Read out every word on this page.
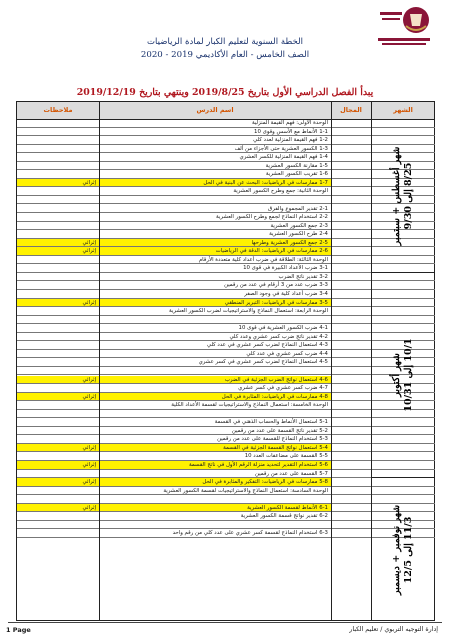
الخطة السنوية لتعليم الكبار لمادة الرياضيات
الصف الخامس - العام الأكاديمي 2019 - 2020
يبدأ الفصل الدراسي الأول بتاريخ 2019/8/25 وينتهي بتاريخ 2019/12/19
الشهر
المجال
اسم الدرس
ملاحظات
الوحدة الأولى: فهم القيمة المنزلية
1-1 الأنماط مع الأسس وقوى 10
1-2 فهم القيمة المنزلية لعدد كلي
1-3 الكسور العشرية حتى الأجزاء من ألف
1-4 فهم القيمة المنزلية للكسر العشري
1-5 مقارنة الكسور العشرية
1-6 تقريب الكسور العشرية
1-7 ممارسات في الرياضيات: البحث عن البنية في الحل
إثرائي
الوحدة الثانية: جمع وطرح الكسور العشرية
2-1 تقدير المجموع والفرق
2-2 استخدام النماذج لجمع وطرح الكسور العشرية
2-3 جمع الكسور العشرية
2-4 طرح الكسور العشرية
2-5 جمع الكسور العشرية وطرحها
إثرائي
2-6 ممارسات في الرياضيات: الدقة في الرياضيات
إثرائي
الوحدة الثالثة: الطلاقة في ضرب أعداد كلية متعددة الأرقام
3-1 ضرب الأعداد الكبيرة في قوى 10
3-2 تقدير ناتج الضرب
3-3 ضرب عدد من 3 أرقام في عدد من رقمين
3-4 ضرب أعداد كلية في وجود الصفر
3-5 ممارسات في الرياضيات: التبرير المنطقي
إثرائي
الوحدة الرابعة: استعمال النماذج والاستراتيجيات لضرب الكسور العشرية
4-1 ضرب الكسور العشرية في قوى 10
4-2 تقدير ناتج ضرب كسر عشري وعدد كلي
4-3 استعمال النماذج لضرب كسر عشري في عدد كلي
4-4 ضرب كسر عشري في عدد كلي
4-5 استعمال النماذج لضرب كسر عشري في كسر عشري
4-6 استعمال نواتج الضرب الجزئية في الضرب
إثرائي
4-7 ضرب كسر عشري في كسر عشري
4-8 ممارسات في الرياضيات: المثابرة في الحل
إثرائي
الوحدة الخامسة: استعمال النماذج والاستراتيجيات لقسمة الأعداد الكلية
5-1 استعمال الأنماط والحساب الذهني في القسمة
5-2 تقدير ناتج القسمة على عدد من رقمين
5-3 استخدام النماذج للقسمة على عدد من رقمين
5-4 استعمال نواتج القسمة الجزئية في القسمة
إثرائي
5-5 القسمة على مضاعفات العدد 10
5-6 استخدام التقدير لتحديد منزلة الرقم الأول في ناتج القسمة
إثرائي
5-7 القسمة على عدد من رقمين
5-8 ممارسات في الرياضيات: التفكير والمثابرة في الحل
إثرائي
الوحدة السادسة: استعمال النماذج والاستراتيجيات لقسمة الكسور العشرية
6-1 الأنماط لقسمة الكسور العشرية
إثرائي
6-2 تقدير نواتج قسمة الكسور العشرية
6-3 استخدام النماذج لقسمة كسر عشري على عدد كلي من رقم واحد
شهر أغسطس + سبتمبر 8/25 إلى 9/30
شهر أكتوبر 10/1 إلى 10/31
شهر نوفمبر + ديسمبر 11/3 إلى 12/5
1 Page	إدارة التوجيه التربوي / تعليم الكبار
